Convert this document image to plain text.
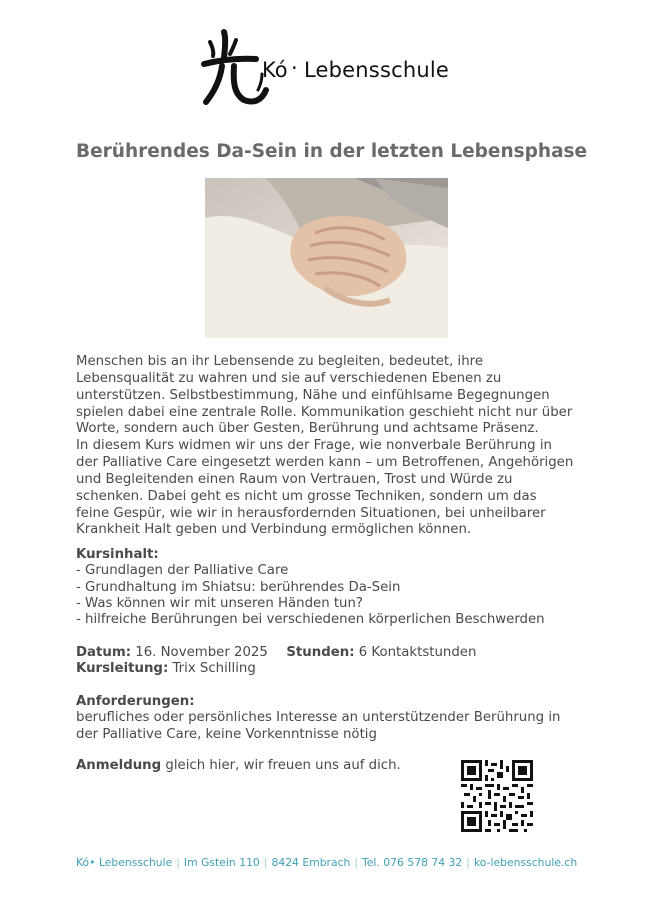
Kó · Lebensschule
Berührendes Da-Sein in der letzten Lebensphase

Menschen bis an ihr Lebensende zu begleiten, bedeutet, ihre
Lebensqualität zu wahren und sie auf verschiedenen Ebenen zu
unterstützen. Selbstbestimmung, Nähe und einfühlsame Begegnungen
spielen dabei eine zentrale Rolle. Kommunikation geschieht nicht nur über
Worte, sondern auch über Gesten, Berührung und achtsame Präsenz.

In diesem Kurs widmen wir uns der Frage, wie nonverbale Berührung in
der Palliative Care eingesetzt werden kann – um Betroffenen, Angehörigen
und Begleitenden einen Raum von Vertrauen, Trost und Würde zu
schenken. Dabei geht es nicht um grosse Techniken, sondern um das
feine Gespür, wie wir in herausfordernden Situationen, bei unheilbarer
Krankheit Halt geben und Verbindung ermöglichen können.

Kursinhalt:
- Grundlagen der Palliative Care
- Grundhaltung im Shiatsu: berührendes Da-Sein
- Was können wir mit unseren Händen tun?
- hilfreiche Berührungen bei verschiedenen körperlichen Beschwerden
Datum: 16. November 2025 Stunden: 6 Kontaktstunden
Kursleitung: Trix Schilling
Anforderungen:
berufliches oder persönliches Interesse an unterstützender Berührung in
der Palliative Care, keine Vorkenntnisse nötig
Anmeldung gleich hier, wir freuen uns auf dich.
Kó• Lebensschule | Im Gstein 110 | 8424 Embrach | Tel. 076 578 74 32 | ko-lebensschule.ch
